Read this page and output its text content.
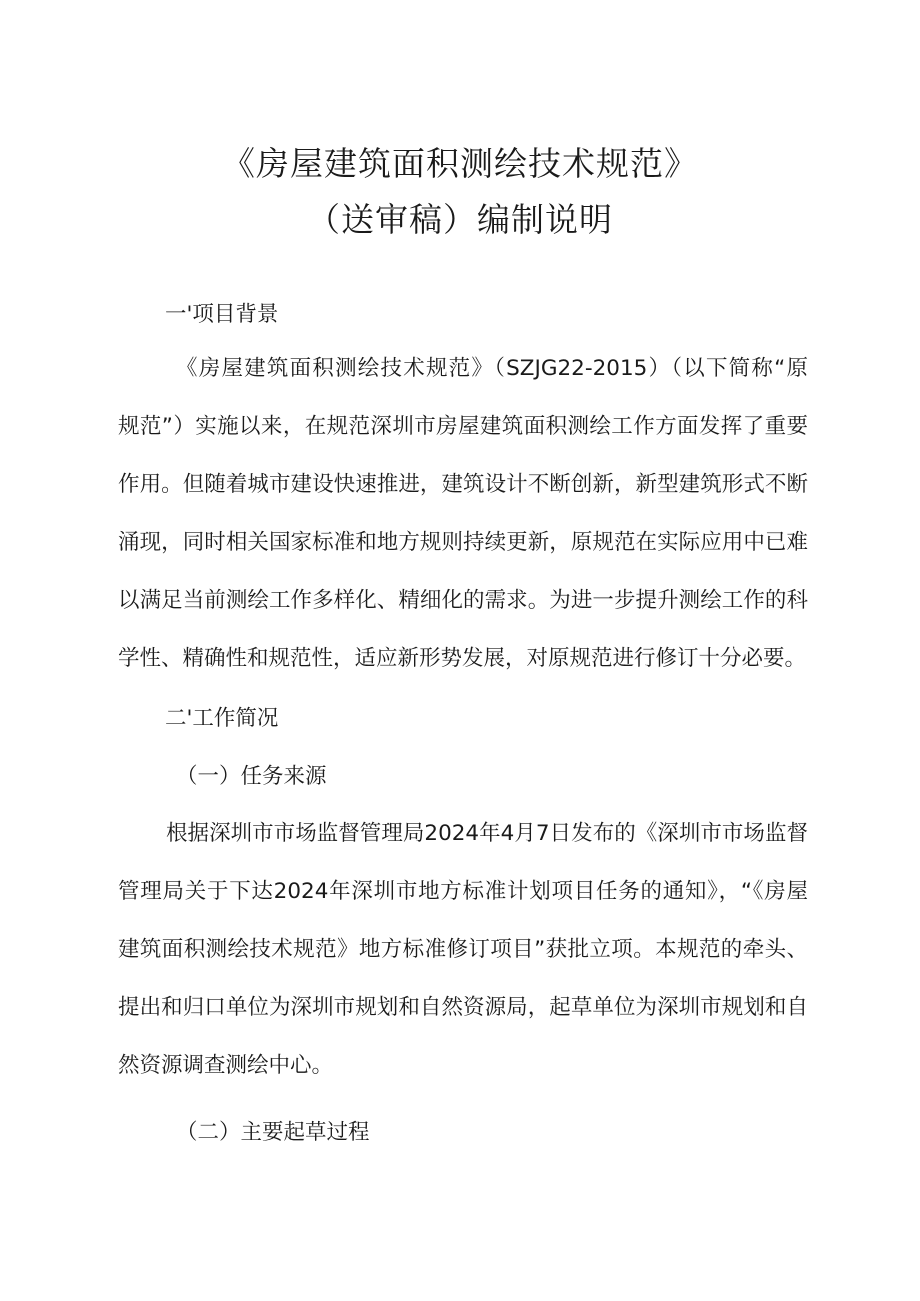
《房屋建筑面积测绘技术规范》
（送审稿）编制说明
一'项目背景
《房屋建筑面积测绘技术规范》（SZJG22-2015）（以下简称“原
规范”）实施以来，在规范深圳市房屋建筑面积测绘工作方面发挥了重要
作用。但随着城市建设快速推进，建筑设计不断创新，新型建筑形式不断
涌现，同时相关国家标准和地方规则持续更新，原规范在实际应用中已难
以满足当前测绘工作多样化、精细化的需求。为进一步提升测绘工作的科
学性、精确性和规范性，适应新形势发展，对原规范进行修订十分必要。
二'工作简况
（一）任务来源
根据深圳市市场监督管理局2024年4月7日发布的《深圳市市场监督
管理局关于下达2024年深圳市地方标准计划项目任务的通知》，“《房屋
建筑面积测绘技术规范》地方标准修订项目”获批立项。本规范的牵头、
提出和归口单位为深圳市规划和自然资源局，起草单位为深圳市规划和自
然资源调查测绘中心。
（二）主要起草过程
